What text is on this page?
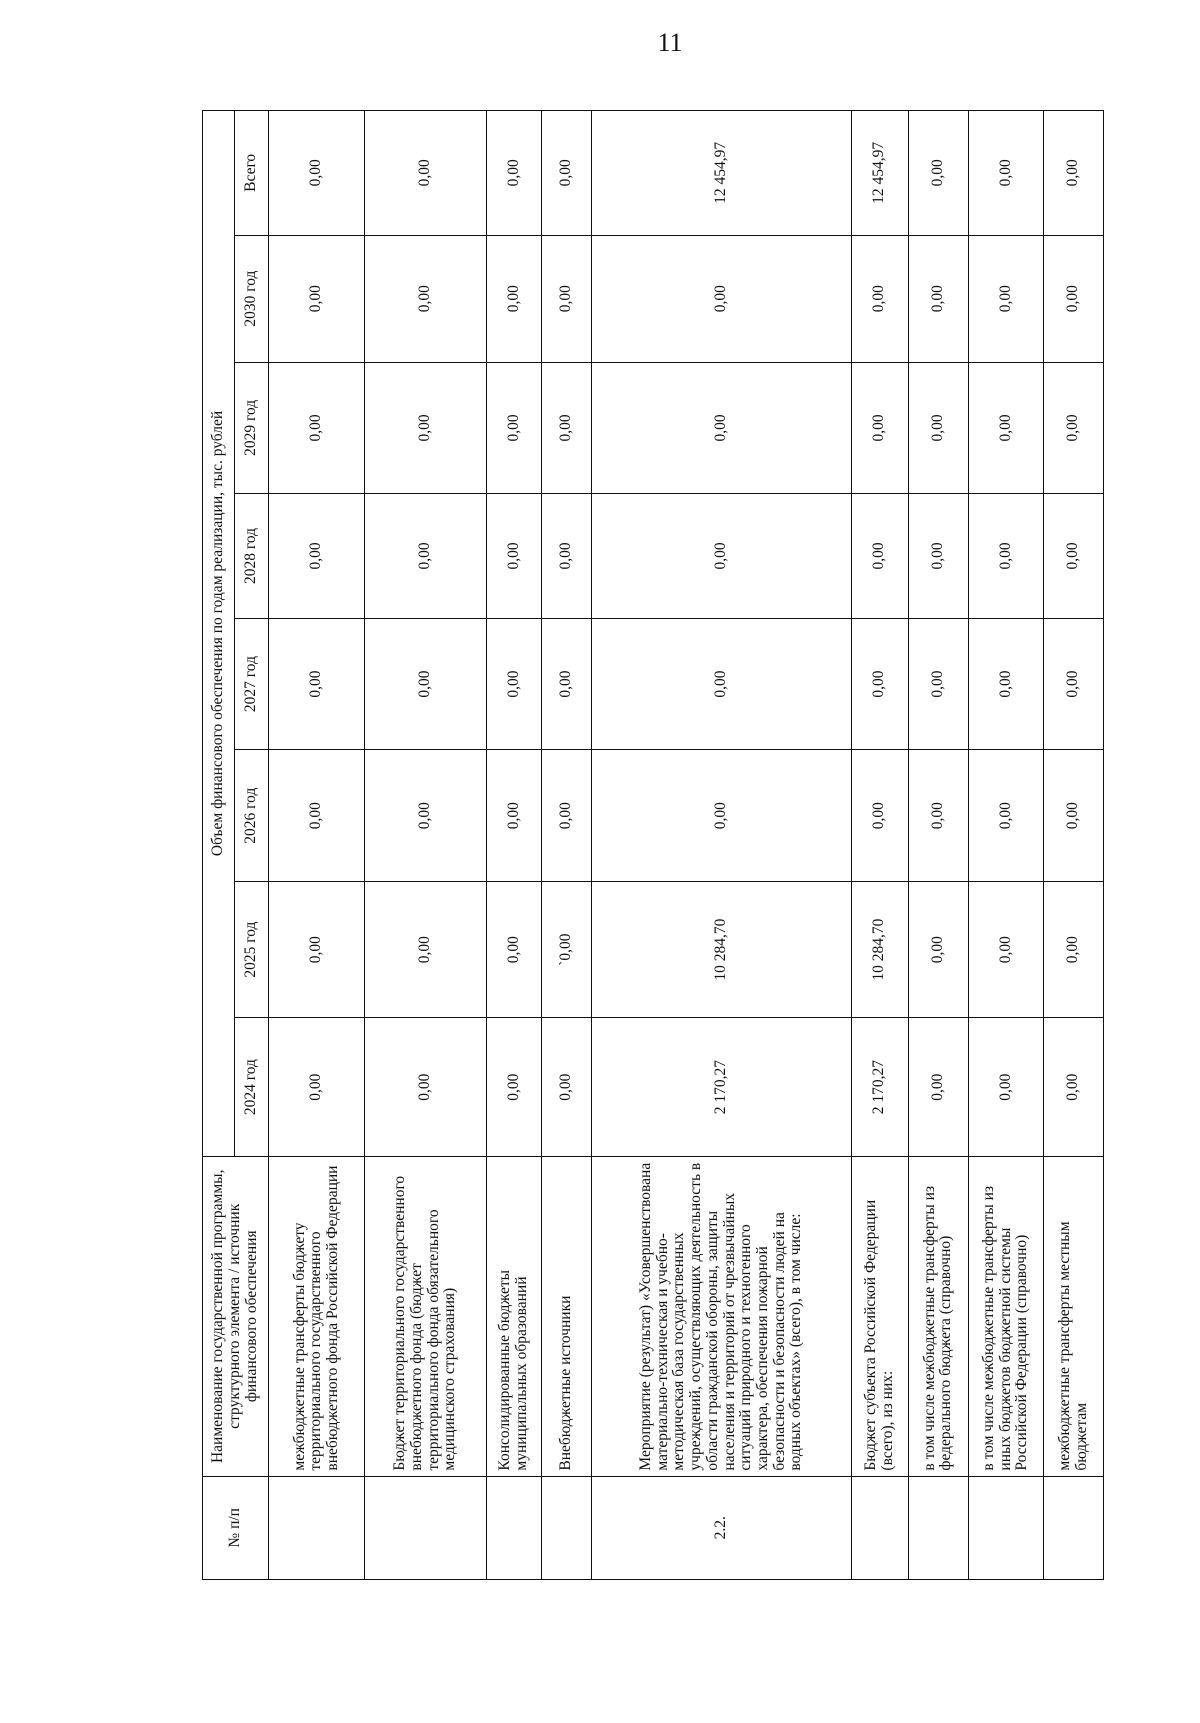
11
№ п/п	Наименование государственной программы, структурного элемента / источник финансового обеспечения	Объем финансового обеспечения по годам реализации, тыс. рублей							
		2024 год	2025 год	2026 год	2027 год	2028 год	2029 год	2030 год	Всего
	межбюджетные трансферты бюджету территориального государственного внебюджетного фонда Российской Федерации	0,00	0,00	0,00	0,00	0,00	0,00	0,00	0,00
	Бюджет территориального государственного внебюджетного фонда (бюджет территориального фонда обязательного медицинского страхования)	0,00	0,00	0,00	0,00	0,00	0,00	0,00	0,00
	Консолидированные бюджеты муниципальных образований	0,00	0,00	0,00	0,00	0,00	0,00	0,00	0,00
	Внебюджетные источники	0,00	`0,00	0,00	0,00	0,00	0,00	0,00	0,00
2.2.	Мероприятие (результат) «Усовершенствована материально-техническая и учебно-методическая база государственных учреждений, осуществляющих деятельность в области гражданской обороны, защиты населения и территорий от чрезвычайных ситуаций природного и техногенного характера, обеспечения пожарной безопасности и безопасности людей на водных объектах» (всего), в том числе:	2 170,27	10 284,70	0,00	0,00	0,00	0,00	0,00	12 454,97
	Бюджет субъекта Российской Федерации (всего), из них:	2 170,27	10 284,70	0,00	0,00	0,00	0,00	0,00	12 454,97
	в том числе межбюджетные трансферты из федерального бюджета (справочно)	0,00	0,00	0,00	0,00	0,00	0,00	0,00	0,00
	в том числе межбюджетные трансферты из иных бюджетов бюджетной системы Российской Федерации (справочно)	0,00	0,00	0,00	0,00	0,00	0,00	0,00	0,00
	межбюджетные трансферты местным бюджетам	0,00	0,00	0,00	0,00	0,00	0,00	0,00	0,00
